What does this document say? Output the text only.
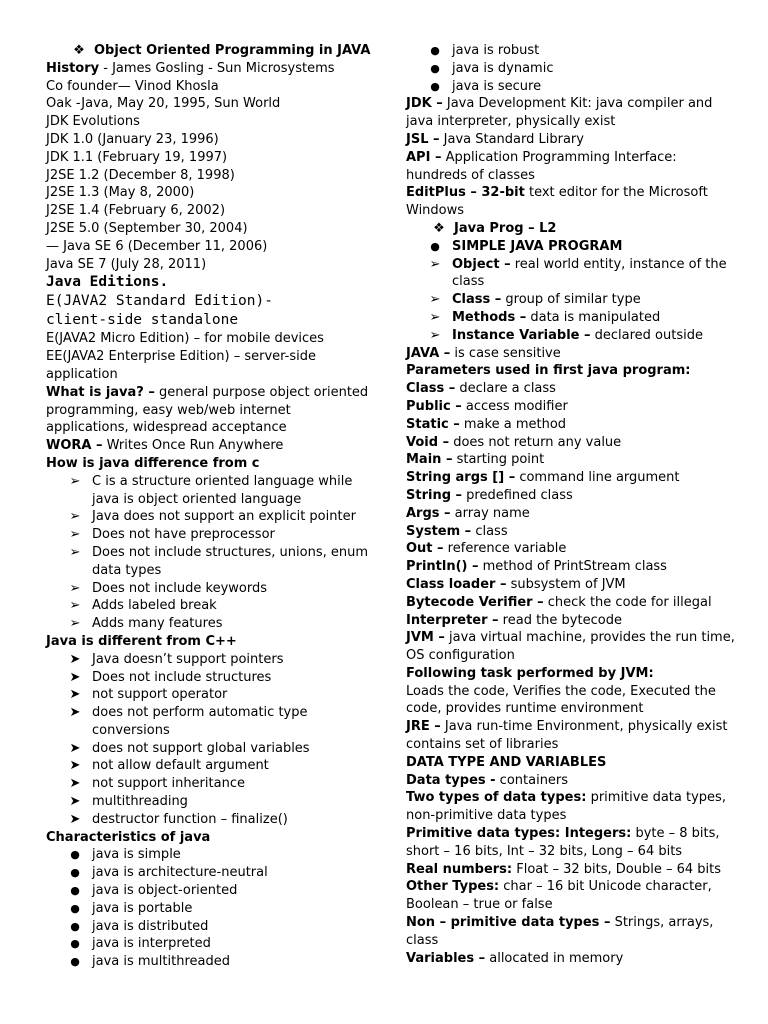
❖ Object Oriented Programming in JAVA

History - James Gosling - Sun Microsystems

Co founder— Vinod Khosla

Oak -Java, May 20, 1995, Sun World

JDK Evolutions

JDK 1.0 (January 23, 1996)

JDK 1.1 (February 19, 1997)

J2SE 1.2 (December 8, 1998)

J2SE 1.3 (May 8, 2000)

J2SE 1.4 (February 6, 2002)

J2SE 5.0 (September 30, 2004)

— Java SE 6 (December 11, 2006)

Java SE 7 (July 28, 2011)

Java Editions.

E(JAVA2 Standard Edition)-

client-side standalone

E(JAVA2 Micro Edition) – for mobile devices

EE(JAVA2 Enterprise Edition) – server-side application

What is java? – general purpose object oriented programming, easy web/web internet applications, widespread acceptance

WORA – Writes Once Run Anywhere

How is java difference from c

➢ C is a structure oriented language while java is object oriented language
➢ Java does not support an explicit pointer
➢ Does not have preprocessor
➢ Does not include structures, unions, enum data types
➢ Does not include keywords
➢ Adds labeled break
➢ Adds many features

Java is different from C++

➤ Java doesn’t support pointers
➤ Does not include structures
➤ not support operator
➤ does not perform automatic type conversions
➤ does not support global variables
➤ not allow default argument
➤ not support inheritance
➤ multithreading
➤ destructor function – finalize()

Characteristics of java

● java is simple
● java is architecture-neutral
● java is object-oriented
● java is portable
● java is distributed
● java is interpreted
● java is multithreaded
● java is robust
● java is dynamic
● java is secure

JDK – Java Development Kit: java compiler and java interpreter, physically exist

JSL – Java Standard Library

API – Application Programming Interface: hundreds of classes

EditPlus – 32-bit text editor for the Microsoft Windows

❖ Java Prog – L2

● SIMPLE JAVA PROGRAM
➢ Object – real world entity, instance of the class
➢ Class – group of similar type
➢ Methods – data is manipulated
➢ Instance Variable – declared outside

JAVA – is case sensitive

Parameters used in first java program:

Class – declare a class

Public – access modifier

Static – make a method

Void – does not return any value

Main – starting point

String args [] – command line argument

String – predefined class

Args – array name

System – class

Out – reference variable

Println() – method of PrintStream class

Class loader – subsystem of JVM

Bytecode Verifier – check the code for illegal

Interpreter – read the bytecode

JVM – java virtual machine, provides the run time, OS configuration

Following task performed by JVM:

Loads the code, Verifies the code, Executed the code, provides runtime environment

JRE – Java run-time Environment, physically exist contains set of libraries

DATA TYPE AND VARIABLES

Data types - containers

Two types of data types: primitive data types, non-primitive data types

Primitive data types: Integers: byte – 8 bits, short – 16 bits, Int – 32 bits, Long – 64 bits

Real numbers: Float – 32 bits, Double – 64 bits

Other Types: char – 16 bit Unicode character, Boolean – true or false

Non – primitive data types – Strings, arrays, class

Variables – allocated in memory
